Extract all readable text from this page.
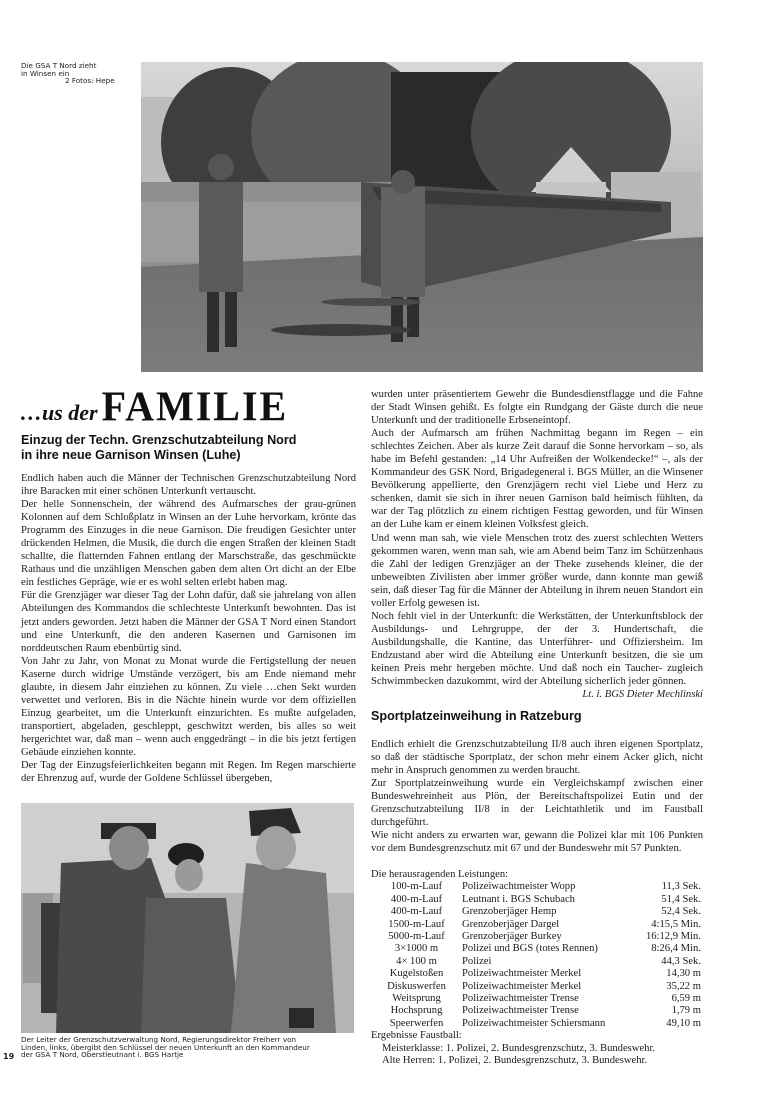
Die GSA T Nord zieht
in Winsen ein
2 Fotos: Hepe
…us der FAMILIE
Einzug der Techn. Grenzschutzabteilung Nord
in ihre neue Garnison Winsen (Luhe)

Endlich haben auch die Männer der Technischen Grenzschutzabteilung Nord ihre Baracken mit einer schönen Unterkunft vertauscht.

Der helle Sonnenschein, der während des Aufmarsches der grau-grünen Kolonnen auf dem Schloßplatz in Winsen an der Luhe hervorkam, krönte das Programm des Einzuges in die neue Garnison. Die freudigen Gesichter unter drückenden Helmen, die Musik, die durch die engen Straßen der kleinen Stadt schallte, die flatternden Fahnen entlang der Marschstraße, das geschmückte Rathaus und die unzähligen Menschen gaben dem alten Ort dicht an der Elbe ein festliches Gepräge, wie er es wohl selten erlebt haben mag.

Für die Grenzjäger war dieser Tag der Lohn dafür, daß sie jahrelang von allen Abteilungen des Kommandos die schlechteste Unterkunft bewohnten. Das ist jetzt anders geworden. Jetzt haben die Männer der GSA T Nord einen Standort und eine Unterkunft, die den anderen Kasernen und Garnisonen im norddeutschen Raum ebenbürtig sind.

Von Jahr zu Jahr, von Monat zu Monat wurde die Fertigstellung der neuen Kaserne durch widrige Umstände verzögert, bis am Ende niemand mehr glaubte, in diesem Jahr einziehen zu können. Zu viele …chen Sekt wurden verwettet und verloren. Bis in die Nächte hinein wurde vor dem offiziellen Einzug gearbeitet, um die Unterkunft einzurichten. Es mußte aufgeladen, transportiert, abgeladen, geschleppt, geschwitzt werden, bis alles so weit hergerichtet war, daß man – wenn auch enggedrängt – in die bis jetzt fertigen Gebäude einziehen konnte.

Der Tag der Einzugsfeierlichkeiten begann mit Regen. Im Regen marschierte der Ehrenzug auf, wurde der Goldene Schlüssel übergeben,

Der Leiter der Grenzschutzverwaltung Nord, Regierungsdirektor Freiherr von
Linden, links, übergibt den Schlüssel der neuen Unterkunft an den Kommandeur
der GSA T Nord, Oberstleutnant i. BGS Hartje
19

wurden unter präsentiertem Gewehr die Bundesdienstflagge und die Fahne der Stadt Winsen gehißt. Es folgte ein Rundgang der Gäste durch die neue Unterkunft und der traditionelle Erbseneintopf.

Auch der Aufmarsch am frühen Nachmittag begann im Regen – ein schlechtes Zeichen. Aber als kurze Zeit darauf die Sonne hervorkam – so, als habe im Befehl gestanden: „14 Uhr Aufreißen der Wolkendecke!“ –, als der Kommandeur des GSK Nord, Brigadegeneral i. BGS Müller, an die Winsener Bevölkerung appellierte, den Grenzjägern recht viel Liebe und Herz zu schenken, damit sie sich in ihrer neuen Garnison bald heimisch fühlten, da war der Tag plötzlich zu einem richtigen Festtag geworden, und für Winsen an der Luhe kam er einem kleinen Volksfest gleich.

Und wenn man sah, wie viele Menschen trotz des zuerst schlechten Wetters gekommen waren, wenn man sah, wie am Abend beim Tanz im Schützenhaus die Zahl der ledigen Grenzjäger an der Theke zusehends kleiner, die der unbeweibten Zivilisten aber immer größer wurde, dann konnte man gewiß sein, daß dieser Tag für die Männer der Abteilung in ihrem neuen Standort ein voller Erfolg gewesen ist.

Noch fehlt viel in der Unterkunft: die Werkstätten, der Unterkunftsblock der Ausbildungs- und Lehrgruppe, der der 3. Hundertschaft, die Ausbildungshalle, die Kantine, das Unterführer- und Offiziersheim. Im Endzustand aber wird die Abteilung eine Unterkunft besitzen, die sie um keinen Preis mehr hergeben möchte. Und daß noch ein Taucher- zugleich Schwimmbecken dazukommt, wird der Abteilung sicherlich jeder gönnen.
Lt. i. BGS Dieter Mechlinski

Sportplatzeinweihung in Ratzeburg

Endlich erhielt die Grenzschutzabteilung II/8 auch ihren eigenen Sportplatz, so daß der städtische Sportplatz, der schon mehr einem Acker glich, nicht mehr in Anspruch genommen zu werden braucht.

Zur Sportplatzeinweihung wurde ein Vergleichskampf zwischen einer Bundeswehreinheit aus Plön, der Bereitschaftspolizei Eutin und der Grenzschutzabteilung II/8 in der Leichtathletik und im Faustball durchgeführt.

Wie nicht anders zu erwarten war, gewann die Polizei klar mit 106 Punkten vor dem Bundesgrenzschutz mit 67 und der Bundeswehr mit 57 Punkten.

Die herausragenden Leistungen:
100-m-Lauf	Polizeiwachtmeister Wopp	11,3 Sek.
400-m-Lauf	Leutnant i. BGS Schubach	51,4 Sek.
400-m-Lauf	Grenzoberjäger Hemp	52,4 Sek.
1500-m-Lauf	Grenzoberjäger Dargel	4:15,5 Min.
5000-m-Lauf	Grenzoberjäger Burkey	16:12,9 Min.
3×1000 m	Polizei und BGS (totes Rennen)	8:26,4 Min.
4× 100 m	Polizei	44,3 Sek.
Kugelstoßen	Polizeiwachtmeister Merkel	14,30 m
Diskuswerfen	Polizeiwachtmeister Merkel	35,22 m
Weitsprung	Polizeiwachtmeister Trense	6,59 m
Hochsprung	Polizeiwachtmeister Trense	1,79 m
Speerwerfen	Polizeiwachtmeister Schiersmann	49,10 m
Ergebnisse Faustball:
Meisterklasse: 1. Polizei, 2. Bundesgrenzschutz, 3. Bundeswehr.
Alte Herren: 1. Polizei, 2. Bundesgrenzschutz, 3. Bundeswehr.
